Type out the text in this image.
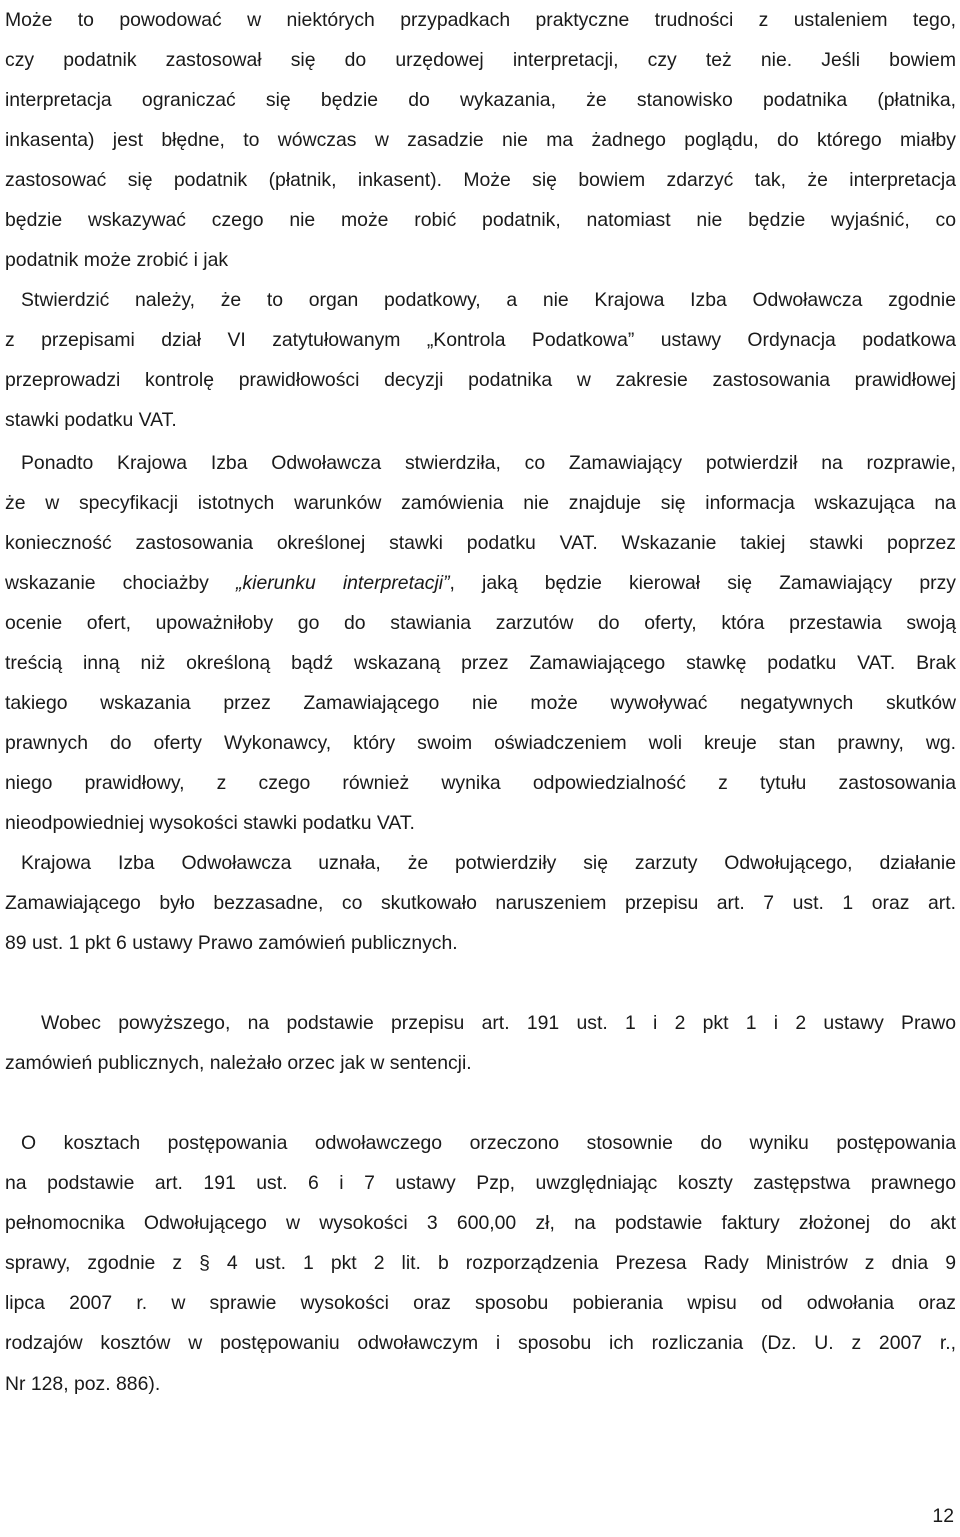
Może to powodować w niektórych przypadkach praktyczne trudności z ustaleniem tego,
czy podatnik zastosował się do urzędowej interpretacji, czy też nie. Jeśli bowiem
interpretacja ograniczać się będzie do wykazania, że stanowisko podatnika (płatnika,
inkasenta) jest błędne, to wówczas w zasadzie nie ma żadnego poglądu, do którego miałby
zastosować się podatnik (płatnik, inkasent). Może się bowiem zdarzyć tak, że interpretacja
będzie wskazywać czego nie może robić podatnik, natomiast nie będzie wyjaśnić, co
podatnik może zrobić i jak
Stwierdzić należy, że to organ podatkowy, a nie Krajowa Izba Odwoławcza zgodnie
z przepisami dział VI zatytułowanym „Kontrola Podatkowa” ustawy Ordynacja podatkowa
przeprowadzi kontrolę prawidłowości decyzji podatnika w zakresie zastosowania prawidłowej
stawki podatku VAT.
Ponadto Krajowa Izba Odwoławcza stwierdziła, co Zamawiający potwierdził na rozprawie,
że w specyfikacji istotnych warunków zamówienia nie znajduje się informacja wskazująca na
konieczność zastosowania określonej stawki podatku VAT. Wskazanie takiej stawki poprzez
wskazanie chociażby „kierunku interpretacji”, jaką będzie kierował się Zamawiający przy
ocenie ofert, upoważniłoby go do stawiania zarzutów do oferty, która przestawia swoją
treścią inną niż określoną bądź wskazaną przez Zamawiającego stawkę podatku VAT. Brak
takiego wskazania przez Zamawiającego nie może wywoływać negatywnych skutków
prawnych do oferty Wykonawcy, który swoim oświadczeniem woli kreuje stan prawny, wg.
niego prawidłowy, z czego również wynika odpowiedzialność z tytułu zastosowania
nieodpowiedniej wysokości stawki podatku VAT.
Krajowa Izba Odwoławcza uznała, że potwierdziły się zarzuty Odwołującego, działanie
Zamawiającego było bezzasadne, co skutkowało naruszeniem przepisu art. 7 ust. 1 oraz art.
89 ust. 1 pkt 6 ustawy Prawo zamówień publicznych.
Wobec powyższego, na podstawie przepisu art. 191 ust. 1 i 2 pkt 1 i 2 ustawy Prawo
zamówień publicznych, należało orzec jak w sentencji.
O kosztach postępowania odwoławczego orzeczono stosownie do wyniku postępowania
na podstawie art. 191 ust. 6 i 7 ustawy Pzp, uwzględniając koszty zastępstwa prawnego
pełnomocnika Odwołującego w wysokości 3 600,00 zł, na podstawie faktury złożonej do akt
sprawy, zgodnie z § 4 ust. 1 pkt 2 lit. b rozporządzenia Prezesa Rady Ministrów z dnia 9
lipca 2007 r. w sprawie wysokości oraz sposobu pobierania wpisu od odwołania oraz
rodzajów kosztów w postępowaniu odwoławczym i sposobu ich rozliczania (Dz. U. z 2007 r.,
Nr 128, poz. 886).
12
